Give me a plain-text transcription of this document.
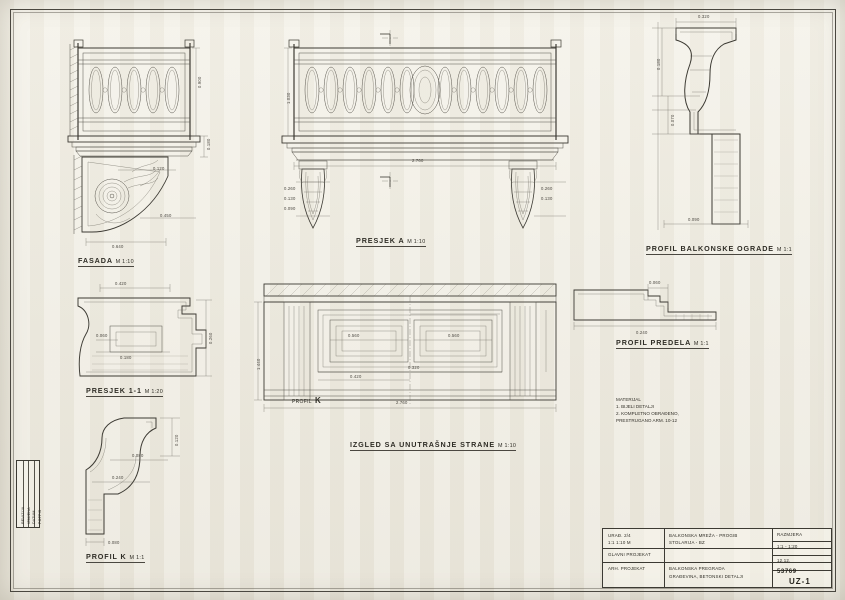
0.900
0.180
0.120
0.450
0.640
FASADA M 1:10
2.760
1.030
0.260
0.130
0.090
0.260
0.130
PRESJEK A M 1:10
0.320
0.180
0.070
0.090
PROFIL BALKONSKE OGRADE M 1:1
0.060
0.240
PROFIL PREDELA M 1:1
0.420
0.260
0.180
0.060
PRESJEK 1-1 M 1:20
0.120
0.080
0.240
0.080
PROFIL K M 1:1
2.760
1.440
0.560	0.560
0.420
0.320
PROFIL K
IZGLED SA UNUTRAŠNJE STRANE M 1:10
MATERIJAL
1. BIJELI DETALJI
2. KOMPLETNO OBRAĐENO,
PRESTRUGANO ARM. 10-12
REVIZIJA IZMJENA DATUM POTPIS
URAĐ. 2/4
1:1 1:10 M
GLAVNI PROJEKAT
ARH. PROJEKAT
BALKONSKA MREŽA - PROGIB
STOLARIJA - BZ
BALKONSKA PREGRADA
GRAĐEVINA, BETONSKI DETALJI
RAZMJERA
1:1 - 1:20
12.12.
53769
UZ-1
